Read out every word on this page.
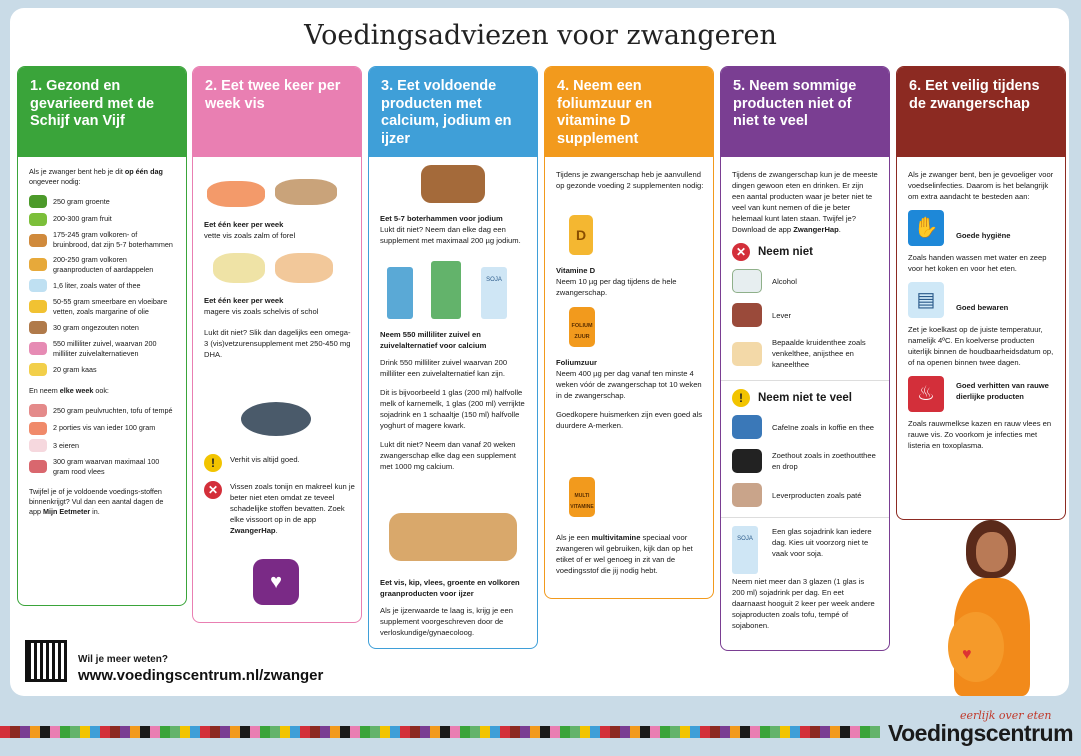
Voedingsadviezen voor zwangeren
1. Gezond en gevarieerd met de Schijf van Vijf
Als je zwanger bent heb je dit op één dag ongeveer nodig:
250 gram groente
200-300 gram fruit
175-245 gram volkoren- of bruinbrood, dat zijn 5-7 boterhammen
200-250 gram volkoren graanproducten of aardappelen
1,6 liter, zoals water of thee
50-55 gram smeerbare en vloeibare vetten, zoals margarine of olie
30 gram ongezouten noten
550 milliliter zuivel, waarvan 200 milliliter zuivelalternatieven
20 gram kaas
En neem elke week ook:
250 gram peulvruchten, tofu of tempé
2 porties vis van ieder 100 gram
3 eieren
300 gram waarvan maximaal 100 gram rood vlees
Twijfel je of je voldoende voedings-stoffen binnenkrijgt? Vul dan een aantal dagen de app Mijn Eetmeter in.
2. Eet twee keer per week vis
Eet één keer per week
vette vis zoals zalm of forel
Eet één keer per week
magere vis zoals schelvis of schol
Lukt dit niet? Slik dan dagelijks een omega-3 (vis)vetzurensupplement met 250-450 mg DHA.
!	Verhit vis altijd goed.
✕	Vissen zoals tonijn en makreel kun je beter niet eten omdat ze teveel schadelijke stoffen bevatten. Zoek elke vissoort op in de app ZwangerHap.
♥
3. Eet voldoende producten met calcium, jodium en ijzer
Eet 5-7 boterhammen voor jodium
Lukt dit niet? Neem dan elke dag een supplement met maximaal 200 µg jodium.
SOJA
Neem 550 milliliter zuivel en zuivelalternatief voor calcium
Drink 550 milliliter zuivel waarvan 200 milliliter een zuivelalternatief kan zijn.
Dit is bijvoorbeeld 1 glas (200 ml) halfvolle melk of karnemelk, 1 glas (200 ml) verrijkte sojadrink en 1 schaaltje (150 ml) halfvolle yoghurt of magere kwark.
Lukt dit niet? Neem dan vanaf 20 weken zwangerschap elke dag een supplement met 1000 mg calcium.
Eet vis, kip, vlees, groente en volkoren graanproducten voor ijzer
Als je ijzerwaarde te laag is, krijg je een supplement voorgeschreven door de verloskundige/gynaecoloog.
4. Neem een foliumzuur en vitamine D supplement
Tijdens je zwangerschap heb je aanvullend op gezonde voeding 2 supplementen nodig:
D
Vitamine D
Neem 10 µg per dag tijdens de hele zwangerschap.
FOLIUM ZUUR
Foliumzuur
Neem 400 µg per dag vanaf ten minste 4 weken vóór de zwangerschap tot 10 weken in de zwangerschap.
Goedkopere huismerken zijn even goed als duurdere A-merken.
MULTI VITAMINE
Als je een multivitamine speciaal voor zwangeren wil gebruiken, kijk dan op het etiket of er wel genoeg in zit van de voedingsstof die jij nodig hebt.
5. Neem sommige producten niet of niet te veel
Tijdens de zwangerschap kun je de meeste dingen gewoon eten en drinken. Er zijn een aantal producten waar je beter niet te veel van kunt nemen of die je beter helemaal kunt laten staan. Twijfel je? Download de app ZwangerHap.
✕	Neem niet
Alcohol
Lever
Bepaalde kruidenthee zoals venkelthee, anijsthee en kaneelthee
!	Neem niet te veel
Cafeïne zoals in koffie en thee
Zoethout zoals in zoethoutthee en drop
Leverproducten zoals paté
SOJA
Een glas sojadrink kan iedere dag. Kies uit voorzorg niet te vaak voor soja.
Neem niet meer dan 3 glazen (1 glas is 200 ml) sojadrink per dag. En eet daarnaast hooguit 2 keer per week andere sojaproducten zoals tofu, tempé of sojabonen.
6. Eet veilig tijdens de zwangerschap
Als je zwanger bent, ben je gevoeliger voor voedselinfecties. Daarom is het belangrijk om extra aandacht te besteden aan:
✋	Goede hygiëne
Zoals handen wassen met water en zeep voor het koken en voor het eten.
▤	Goed bewaren
Zet je koelkast op de juiste temperatuur, namelijk 4ºC. En koelverse producten uiterlijk binnen de houdbaarheidsdatum op, of na openen binnen twee dagen.
♨	Goed verhitten van rauwe dierlijke producten
Zoals rauwmelkse kazen en rauw vlees en rauwe vis. Zo voorkom je infecties met listeria en toxoplasma.
♥
Wil je meer weten?
www.voedingscentrum.nl/zwanger
eerlijk over eten
Voedingscentrum
